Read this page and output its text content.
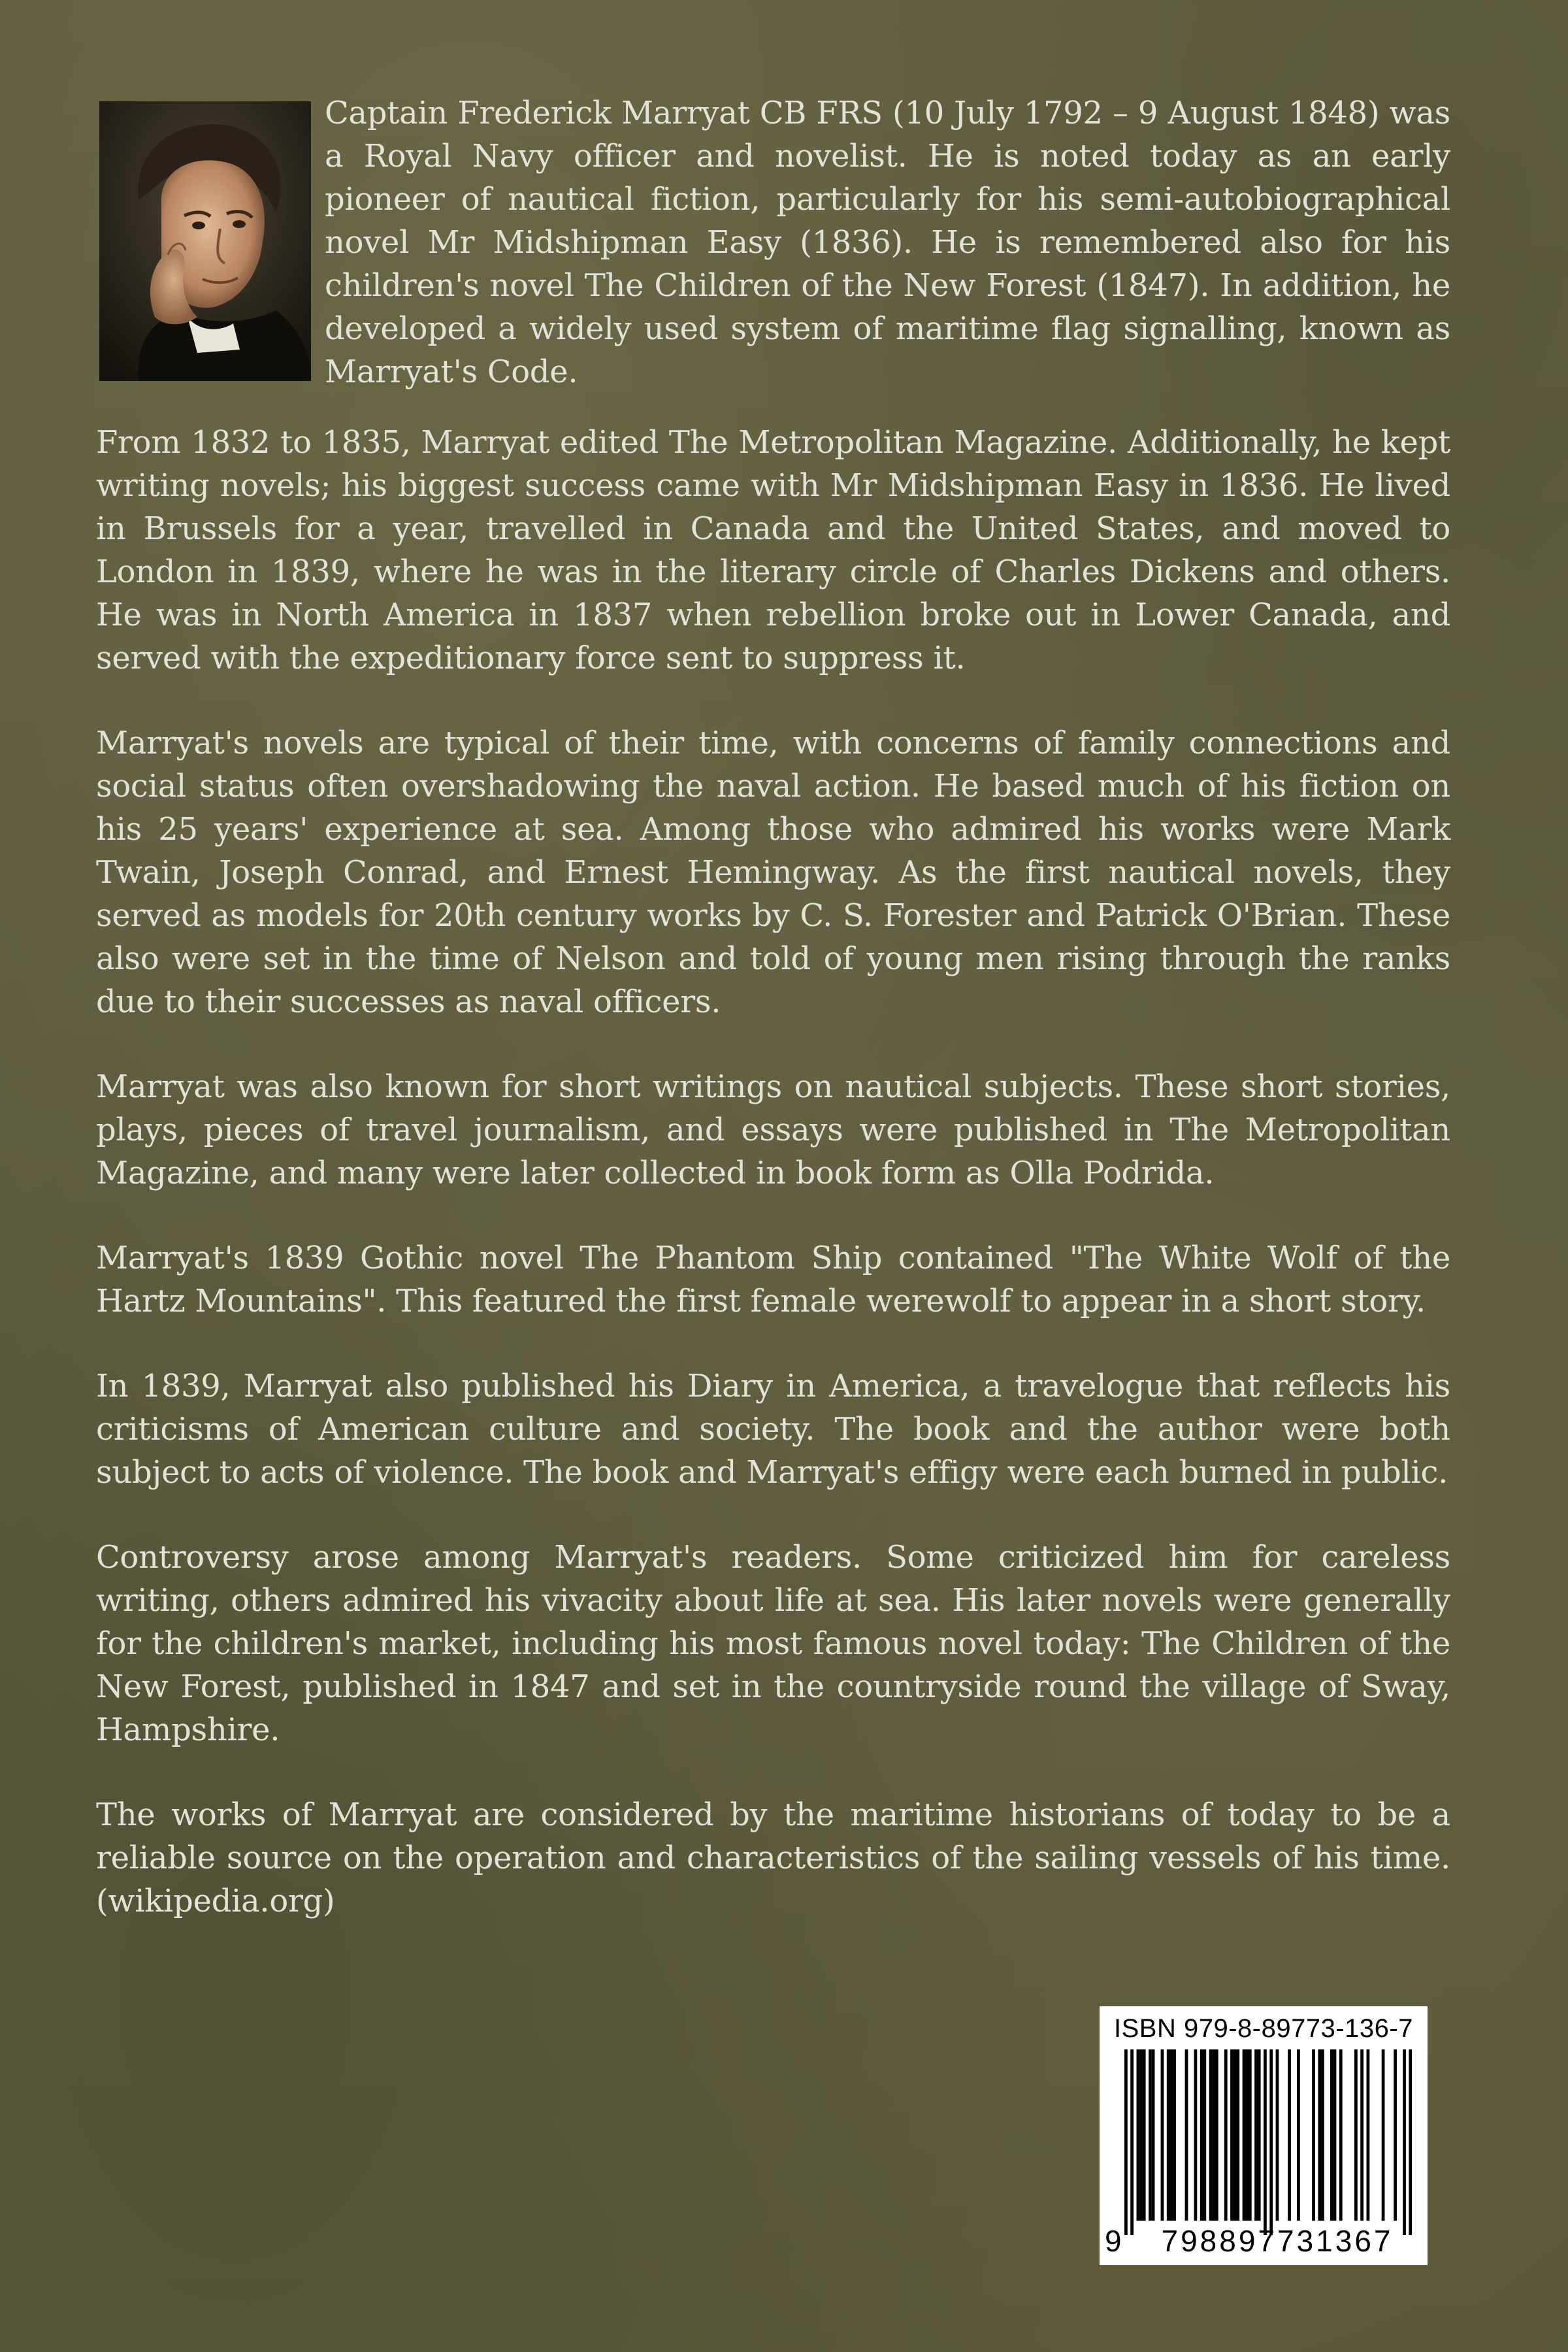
Captain Frederick Marryat CB FRS (10 July 1792 – 9 August 1848) was a Royal Navy officer and novelist. He is noted today as an early pioneer of nautical fiction, particularly for his semi-autobiographical novel Mr Midshipman Easy (1836). He is remembered also for his children's novel The Children of the New Forest (1847). In addition, he developed a widely used system of maritime flag signalling, known as Marryat's Code.

From 1832 to 1835, Marryat edited The Metropolitan Magazine. Additionally, he kept writing novels; his biggest success came with Mr Midshipman Easy in 1836. He lived in Brussels for a year, travelled in Canada and the United States, and moved to London in 1839, where he was in the literary circle of Charles Dickens and others. He was in North America in 1837 when rebellion broke out in Lower Canada, and served with the expeditionary force sent to suppress it.

Marryat's novels are typical of their time, with concerns of family connections and social status often overshadowing the naval action. He based much of his fiction on his 25 years' experience at sea. Among those who admired his works were Mark Twain, Joseph Conrad, and Ernest Hemingway. As the first nautical novels, they served as models for 20th century works by C. S. Forester and Patrick O'Brian. These also were set in the time of Nelson and told of young men rising through the ranks due to their successes as naval officers.

Marryat was also known for short writings on nautical subjects. These short stories, plays, pieces of travel journalism, and essays were published in The Metropolitan Magazine, and many were later collected in book form as Olla Podrida.

Marryat's 1839 Gothic novel The Phantom Ship contained "The White Wolf of the Hartz Mountains". This featured the first female werewolf to appear in a short story.

In 1839, Marryat also published his Diary in America, a travelogue that reflects his criticisms of American culture and society. The book and the author were both subject to acts of violence. The book and Marryat's effigy were each burned in public.

Controversy arose among Marryat's readers. Some criticized him for careless writing, others admired his vivacity about life at sea. His later novels were generally for the children's market, including his most famous novel today: The Children of the New Forest, published in 1847 and set in the countryside round the village of Sway, Hampshire.

The works of Marryat are considered by the maritime historians of today to be a reliable source on the operation and characteristics of the sailing vessels of his time. (wikipedia.org)

ISBN 979-8-89773-136-7
9	798897731367
